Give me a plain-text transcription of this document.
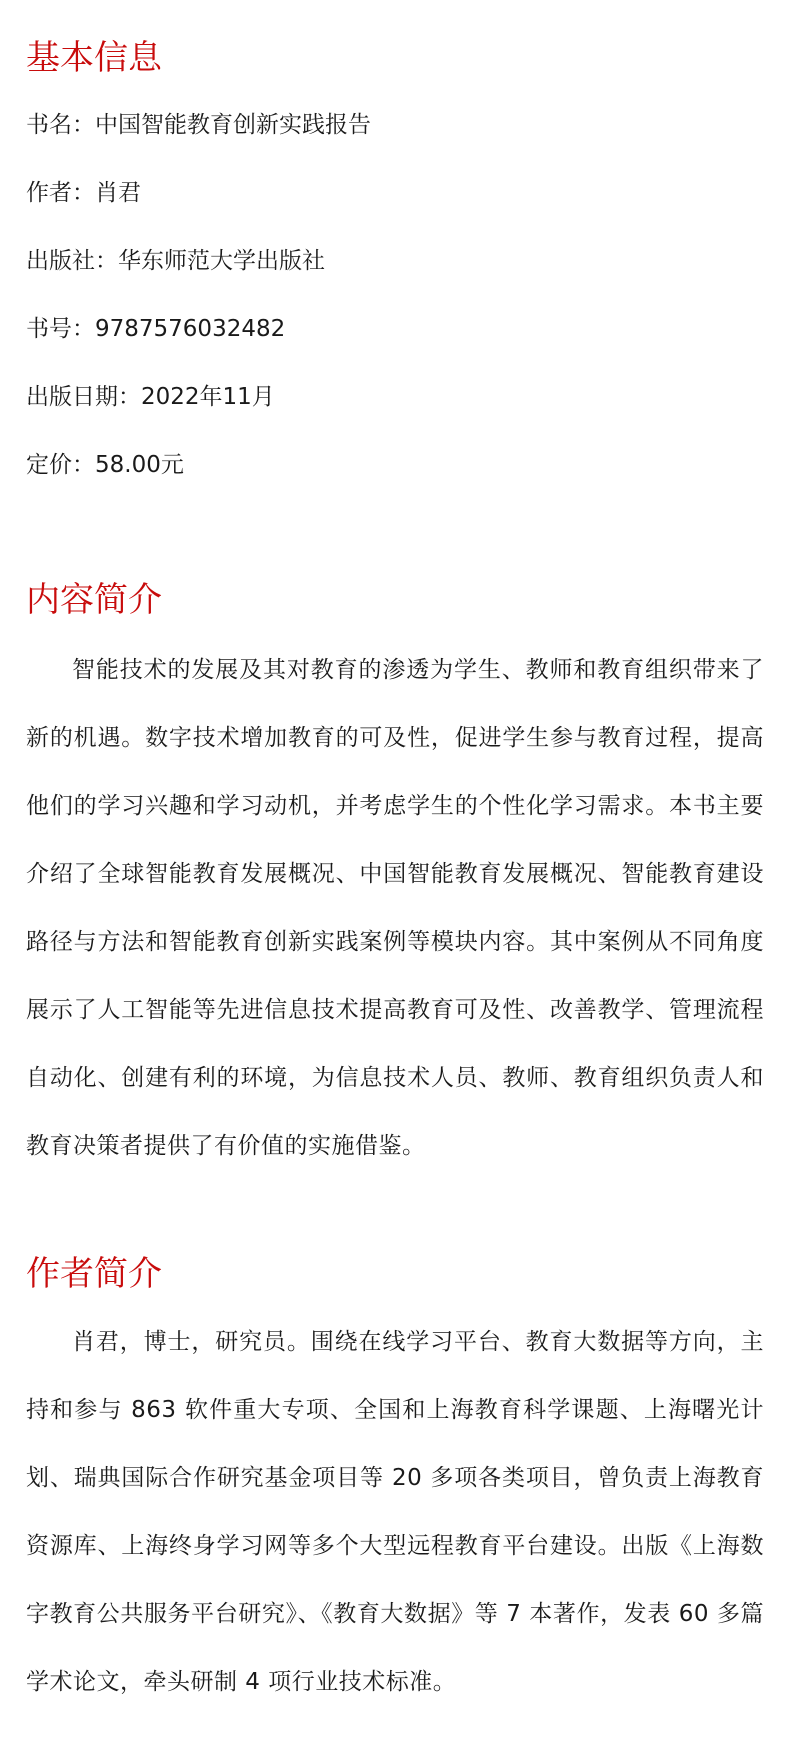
基本信息

书名：中国智能教育创新实践报告

作者：肖君

出版社：华东师范大学出版社

书号：9787576032482

出版日期：2022年11月

定价：58.00元

内容简介

智能技术的发展及其对教育的渗透为学生、教师和教育组织带来了新的机遇。数字技术增加教育的可及性，促进学生参与教育过程，提高他们的学习兴趣和学习动机，并考虑学生的个性化学习需求。本书主要介绍了全球智能教育发展概况、中国智能教育发展概况、智能教育建设路径与方法和智能教育创新实践案例等模块内容。其中案例从不同角度展示了人工智能等先进信息技术提高教育可及性、改善教学、管理流程自动化、创建有利的环境，为信息技术人员、教师、教育组织负责人和教育决策者提供了有价值的实施借鉴。

作者简介

肖君，博士，研究员。围绕在线学习平台、教育大数据等方向，主持和参与 863 软件重大专项、全国和上海教育科学课题、上海曙光计划、瑞典国际合作研究基金项目等 20 多项各类项目，曾负责上海教育资源库、上海终身学习网等多个大型远程教育平台建设。出版《上海数字教育公共服务平台研究》、《教育大数据》等 7 本著作，发表 60 多篇学术论文，牵头研制 4 项行业技术标准。
